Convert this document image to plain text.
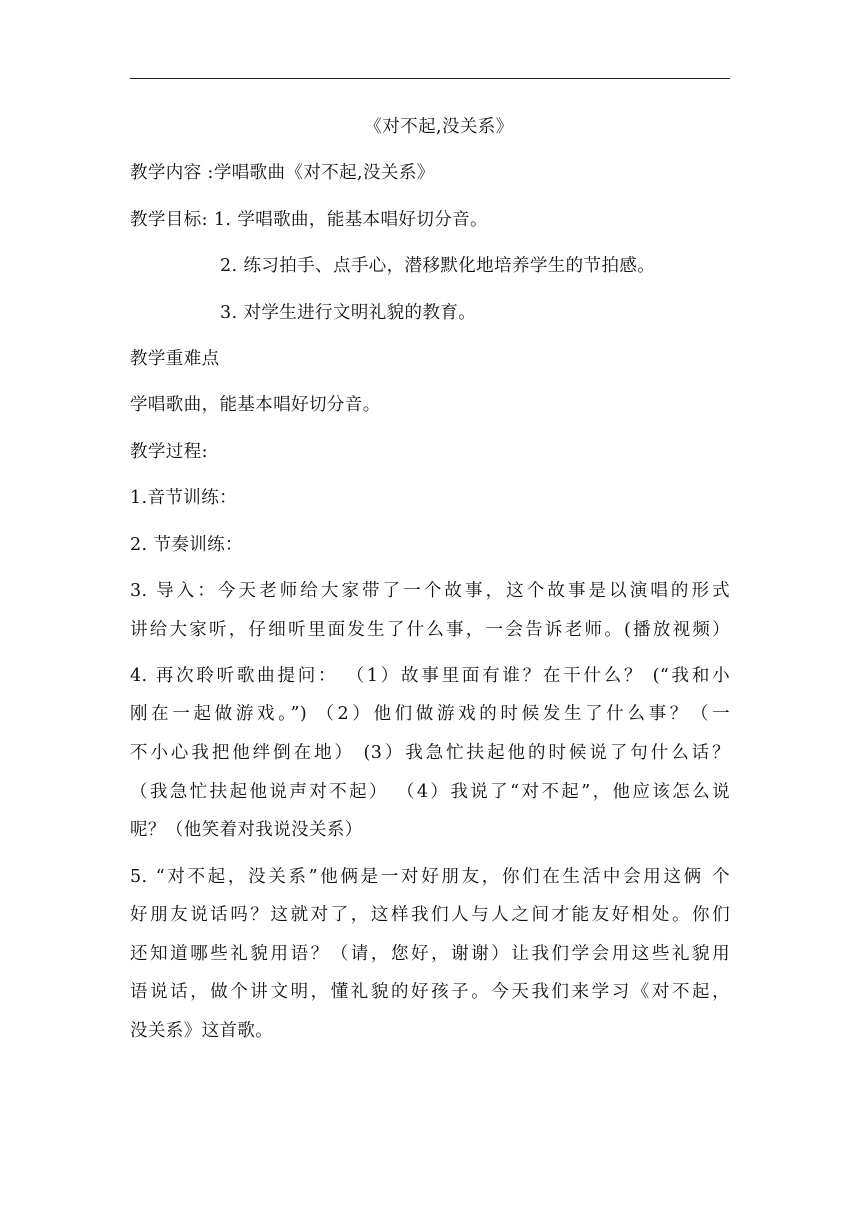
《对不起,没关系》
教学内容 :学唱歌曲《对不起,没关系》
教学目标: 1. 学唱歌曲，能基本唱好切分音。
2. 练习拍手、点手心，潜移默化地培养学生的节拍感。
3. 对学生进行文明礼貌的教育。
教学重难点
学唱歌曲，能基本唱好切分音。
教学过程:
1.音节训练：
2. 节奏训练：
3. 导入：今天老师给大家带了一个故事，这个故事是以演唱的形式
讲给大家听，仔细听里面发生了什么事，一会告诉老师。(播放视频）
4. 再次聆听歌曲提问： （1）故事里面有谁？在干什么？ (“我和小
刚在一起做游戏。”) （2）他们做游戏的时候发生了什么事？（一
不小心我把他绊倒在地） (3）我急忙扶起他的时候说了句什么话？
（我急忙扶起他说声对不起） （4）我说了“对不起”，他应该怎么说
呢？（他笑着对我说没关系）
5. “对不起，没关系”他俩是一对好朋友，你们在生活中会用这俩 个
好朋友说话吗？这就对了，这样我们人与人之间才能友好相处。你们
还知道哪些礼貌用语？（请，您好，谢谢）让我们学会用这些礼貌用
语说话，做个讲文明，懂礼貌的好孩子。今天我们来学习《对不起，
没关系》这首歌。
